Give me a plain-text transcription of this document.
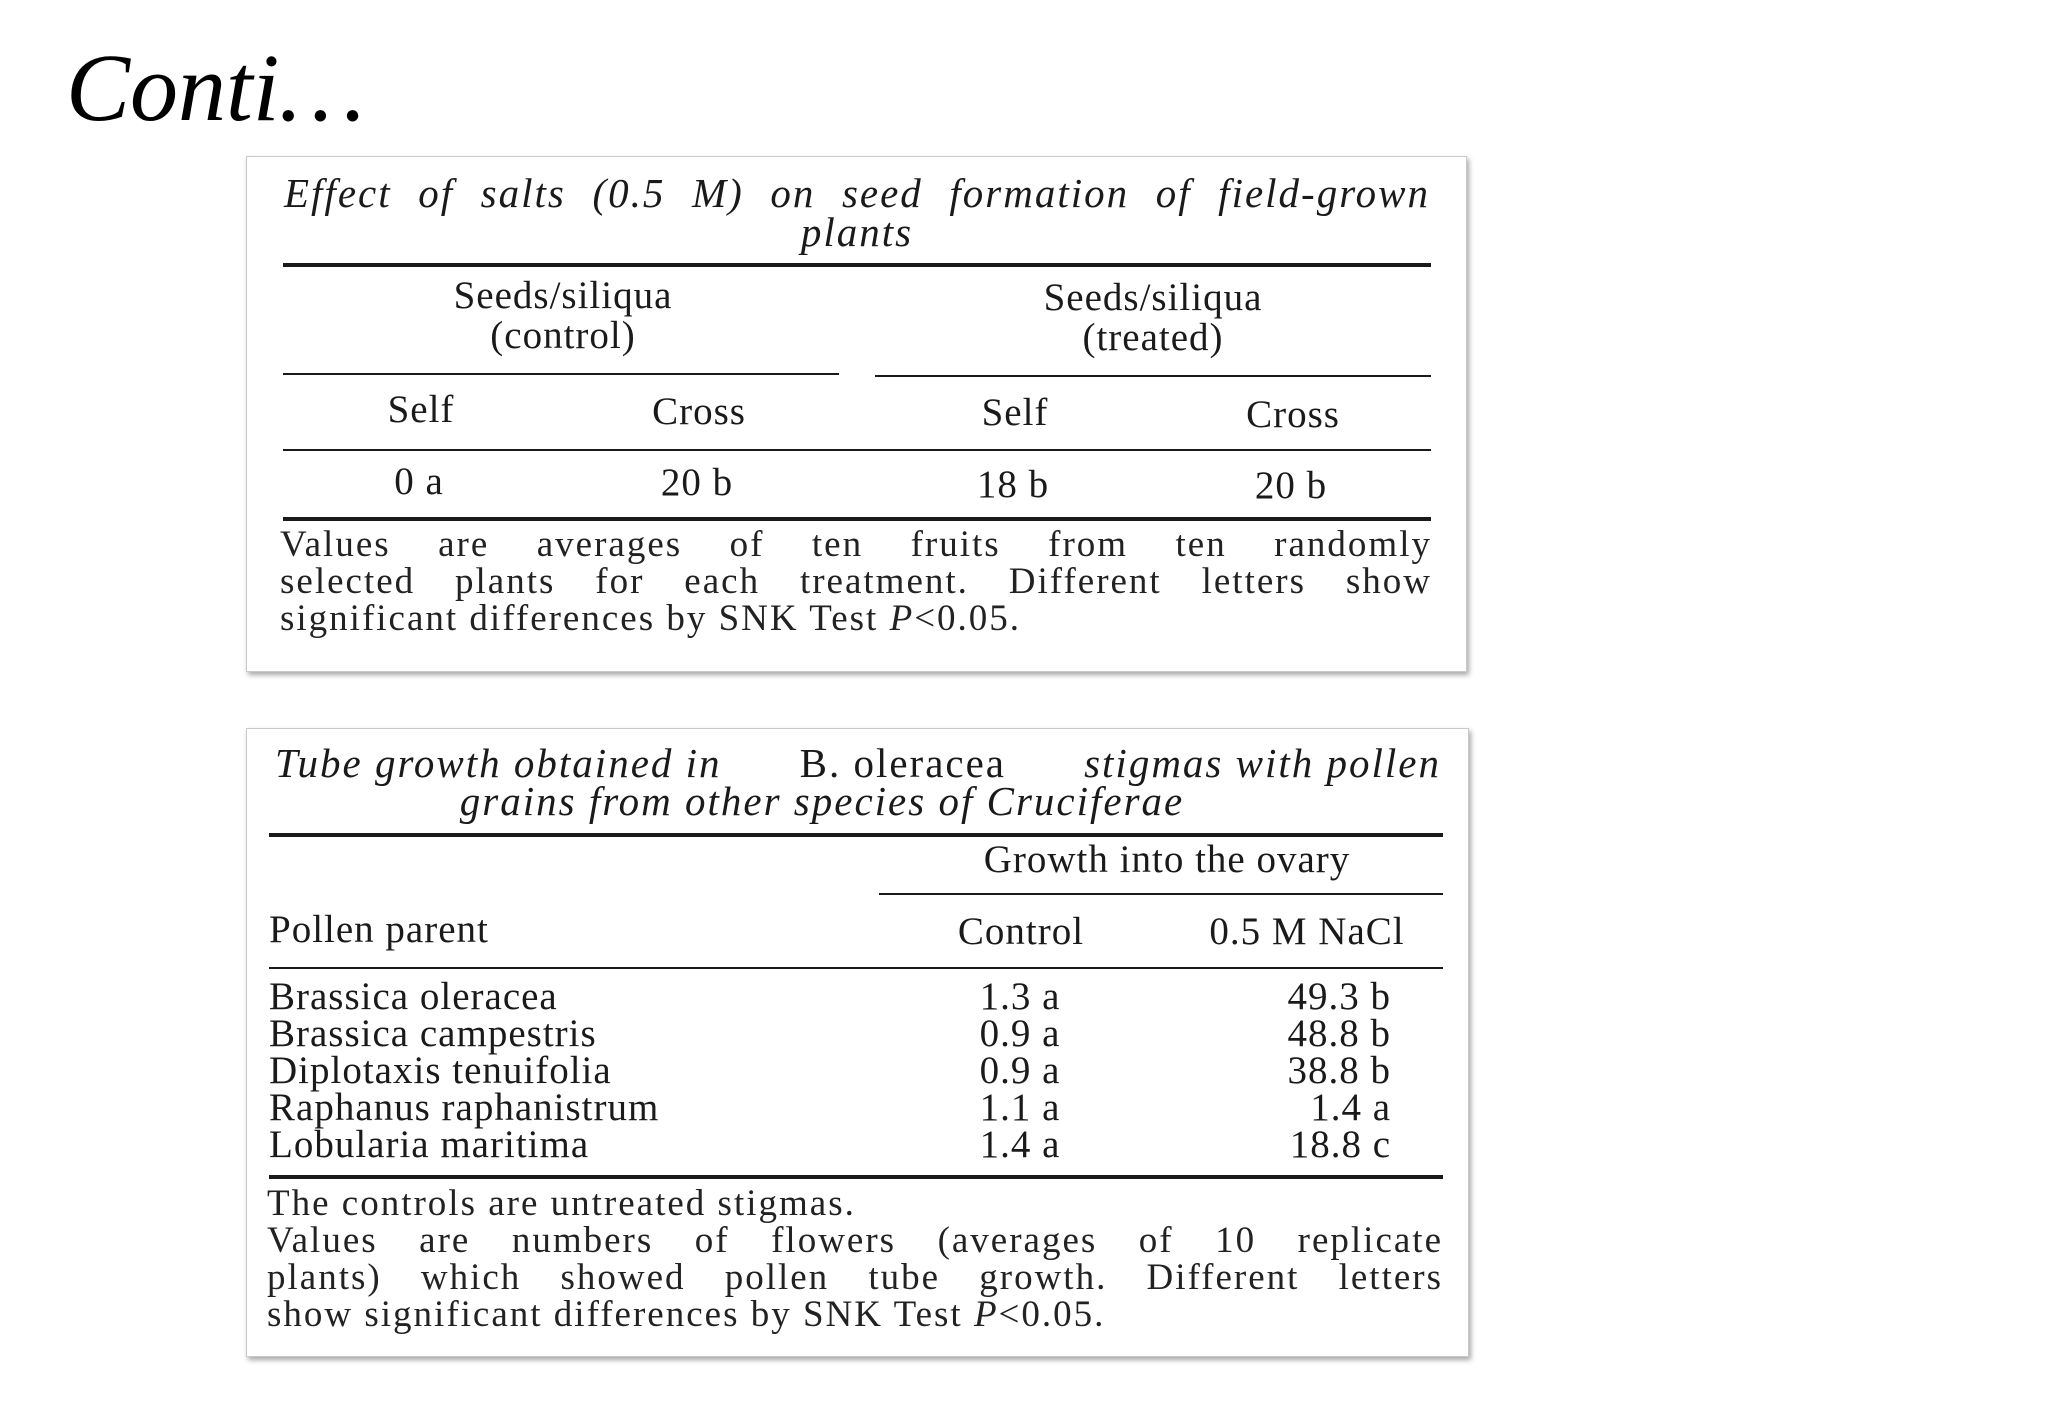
Conti…
Effect of salts (0.5 M) on seed formation of field-grown
plants
Seeds/siliqua
(control)
Seeds/siliqua
(treated)
Self	Cross	Self	Cross
0 a	20 b	18 b	20 b
Values are averages of ten fruits from ten randomly
selected plants for each treatment. Different letters show
significant differences by SNK Test P<0.05.
Tube growth obtained in B. oleracea stigmas with pollen
grains from other species of Cruciferae
Growth into the ovary
Pollen parent	Control	0.5 M NaCl
Brassica oleracea	1.3 a	49.3 b
Brassica campestris	0.9 a	48.8 b
Diplotaxis tenuifolia	0.9 a	38.8 b
Raphanus raphanistrum	1.1 a	1.4 a
Lobularia maritima	1.4 a	18.8 c
The controls are untreated stigmas.
Values are numbers of flowers (averages of 10 replicate
plants) which showed pollen tube growth. Different letters
show significant differences by SNK Test P<0.05.
